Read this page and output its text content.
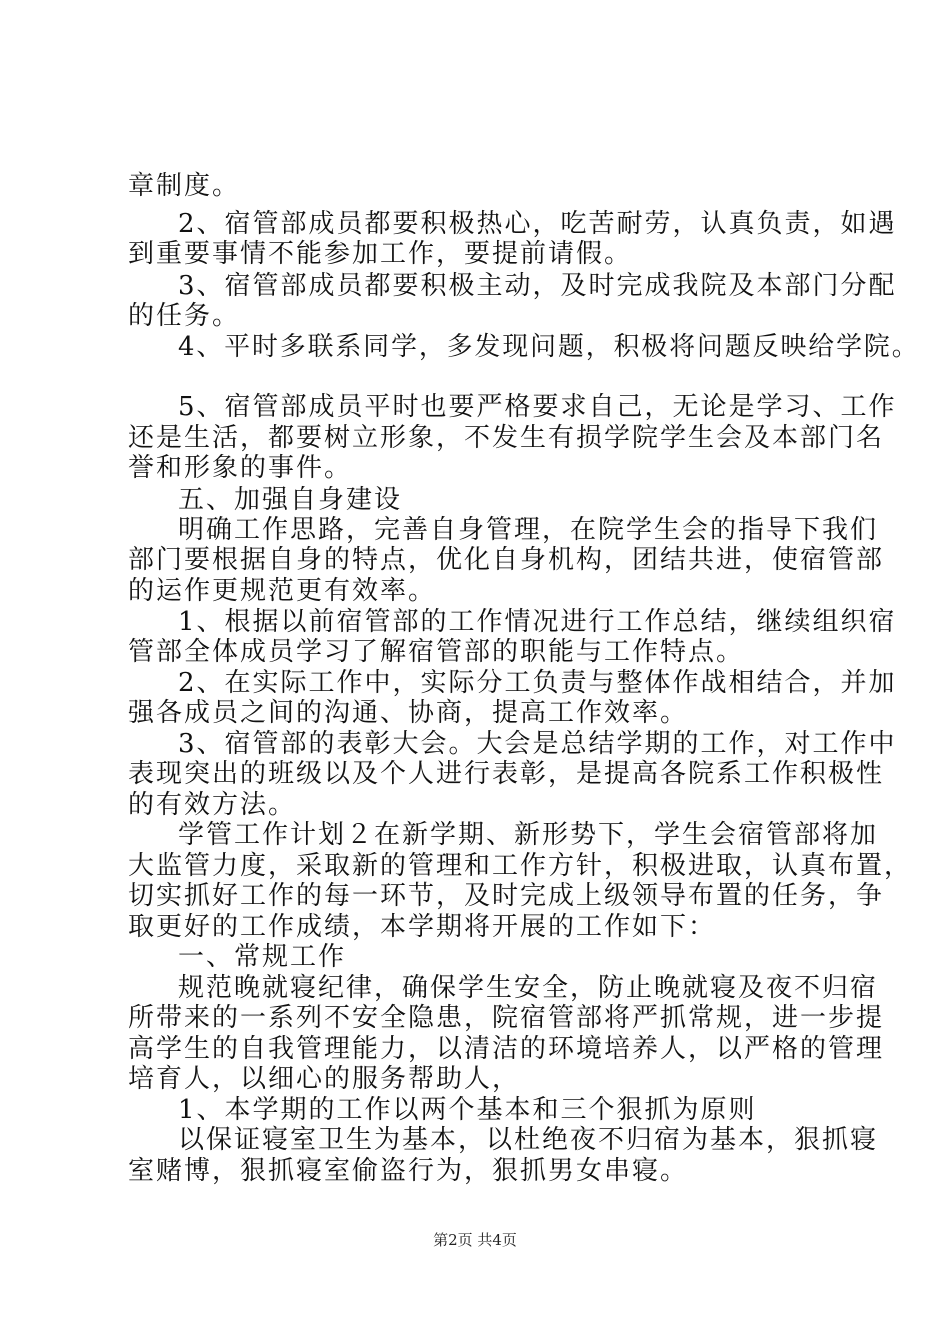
章制度。
2、宿管部成员都要积极热心，吃苦耐劳，认真负责，如遇
到重要事情不能参加工作，要提前请假。
3、宿管部成员都要积极主动，及时完成我院及本部门分配
的任务。
4、平时多联系同学，多发现问题，积极将问题反映给学院。
5、宿管部成员平时也要严格要求自己，无论是学习、工作
还是生活，都要树立形象，不发生有损学院学生会及本部门名
誉和形象的事件。
五、加强自身建设
明确工作思路，完善自身管理，在院学生会的指导下我们
部门要根据自身的特点，优化自身机构，团结共进，使宿管部
的运作更规范更有效率。
1、根据以前宿管部的工作情况进行工作总结，继续组织宿
管部全体成员学习了解宿管部的职能与工作特点。
2、在实际工作中，实际分工负责与整体作战相结合，并加
强各成员之间的沟通、协商，提高工作效率。
3、宿管部的表彰大会。大会是总结学期的工作，对工作中
表现突出的班级以及个人进行表彰，是提高各院系工作积极性
的有效方法。
学管工作计划２在新学期、新形势下，学生会宿管部将加
大监管力度，采取新的管理和工作方针，积极进取，认真布置，
切实抓好工作的每一环节，及时完成上级领导布置的任务，争
取更好的工作成绩，本学期将开展的工作如下：
一、常规工作
规范晚就寝纪律，确保学生安全，防止晚就寝及夜不归宿
所带来的一系列不安全隐患，院宿管部将严抓常规，进一步提
高学生的自我管理能力，以清洁的环境培养人，以严格的管理
培育人，以细心的服务帮助人，
1、本学期的工作以两个基本和三个狠抓为原则
以保证寝室卫生为基本，以杜绝夜不归宿为基本，狠抓寝
室赌博，狠抓寝室偷盗行为，狠抓男女串寝。
第2页 共4页
